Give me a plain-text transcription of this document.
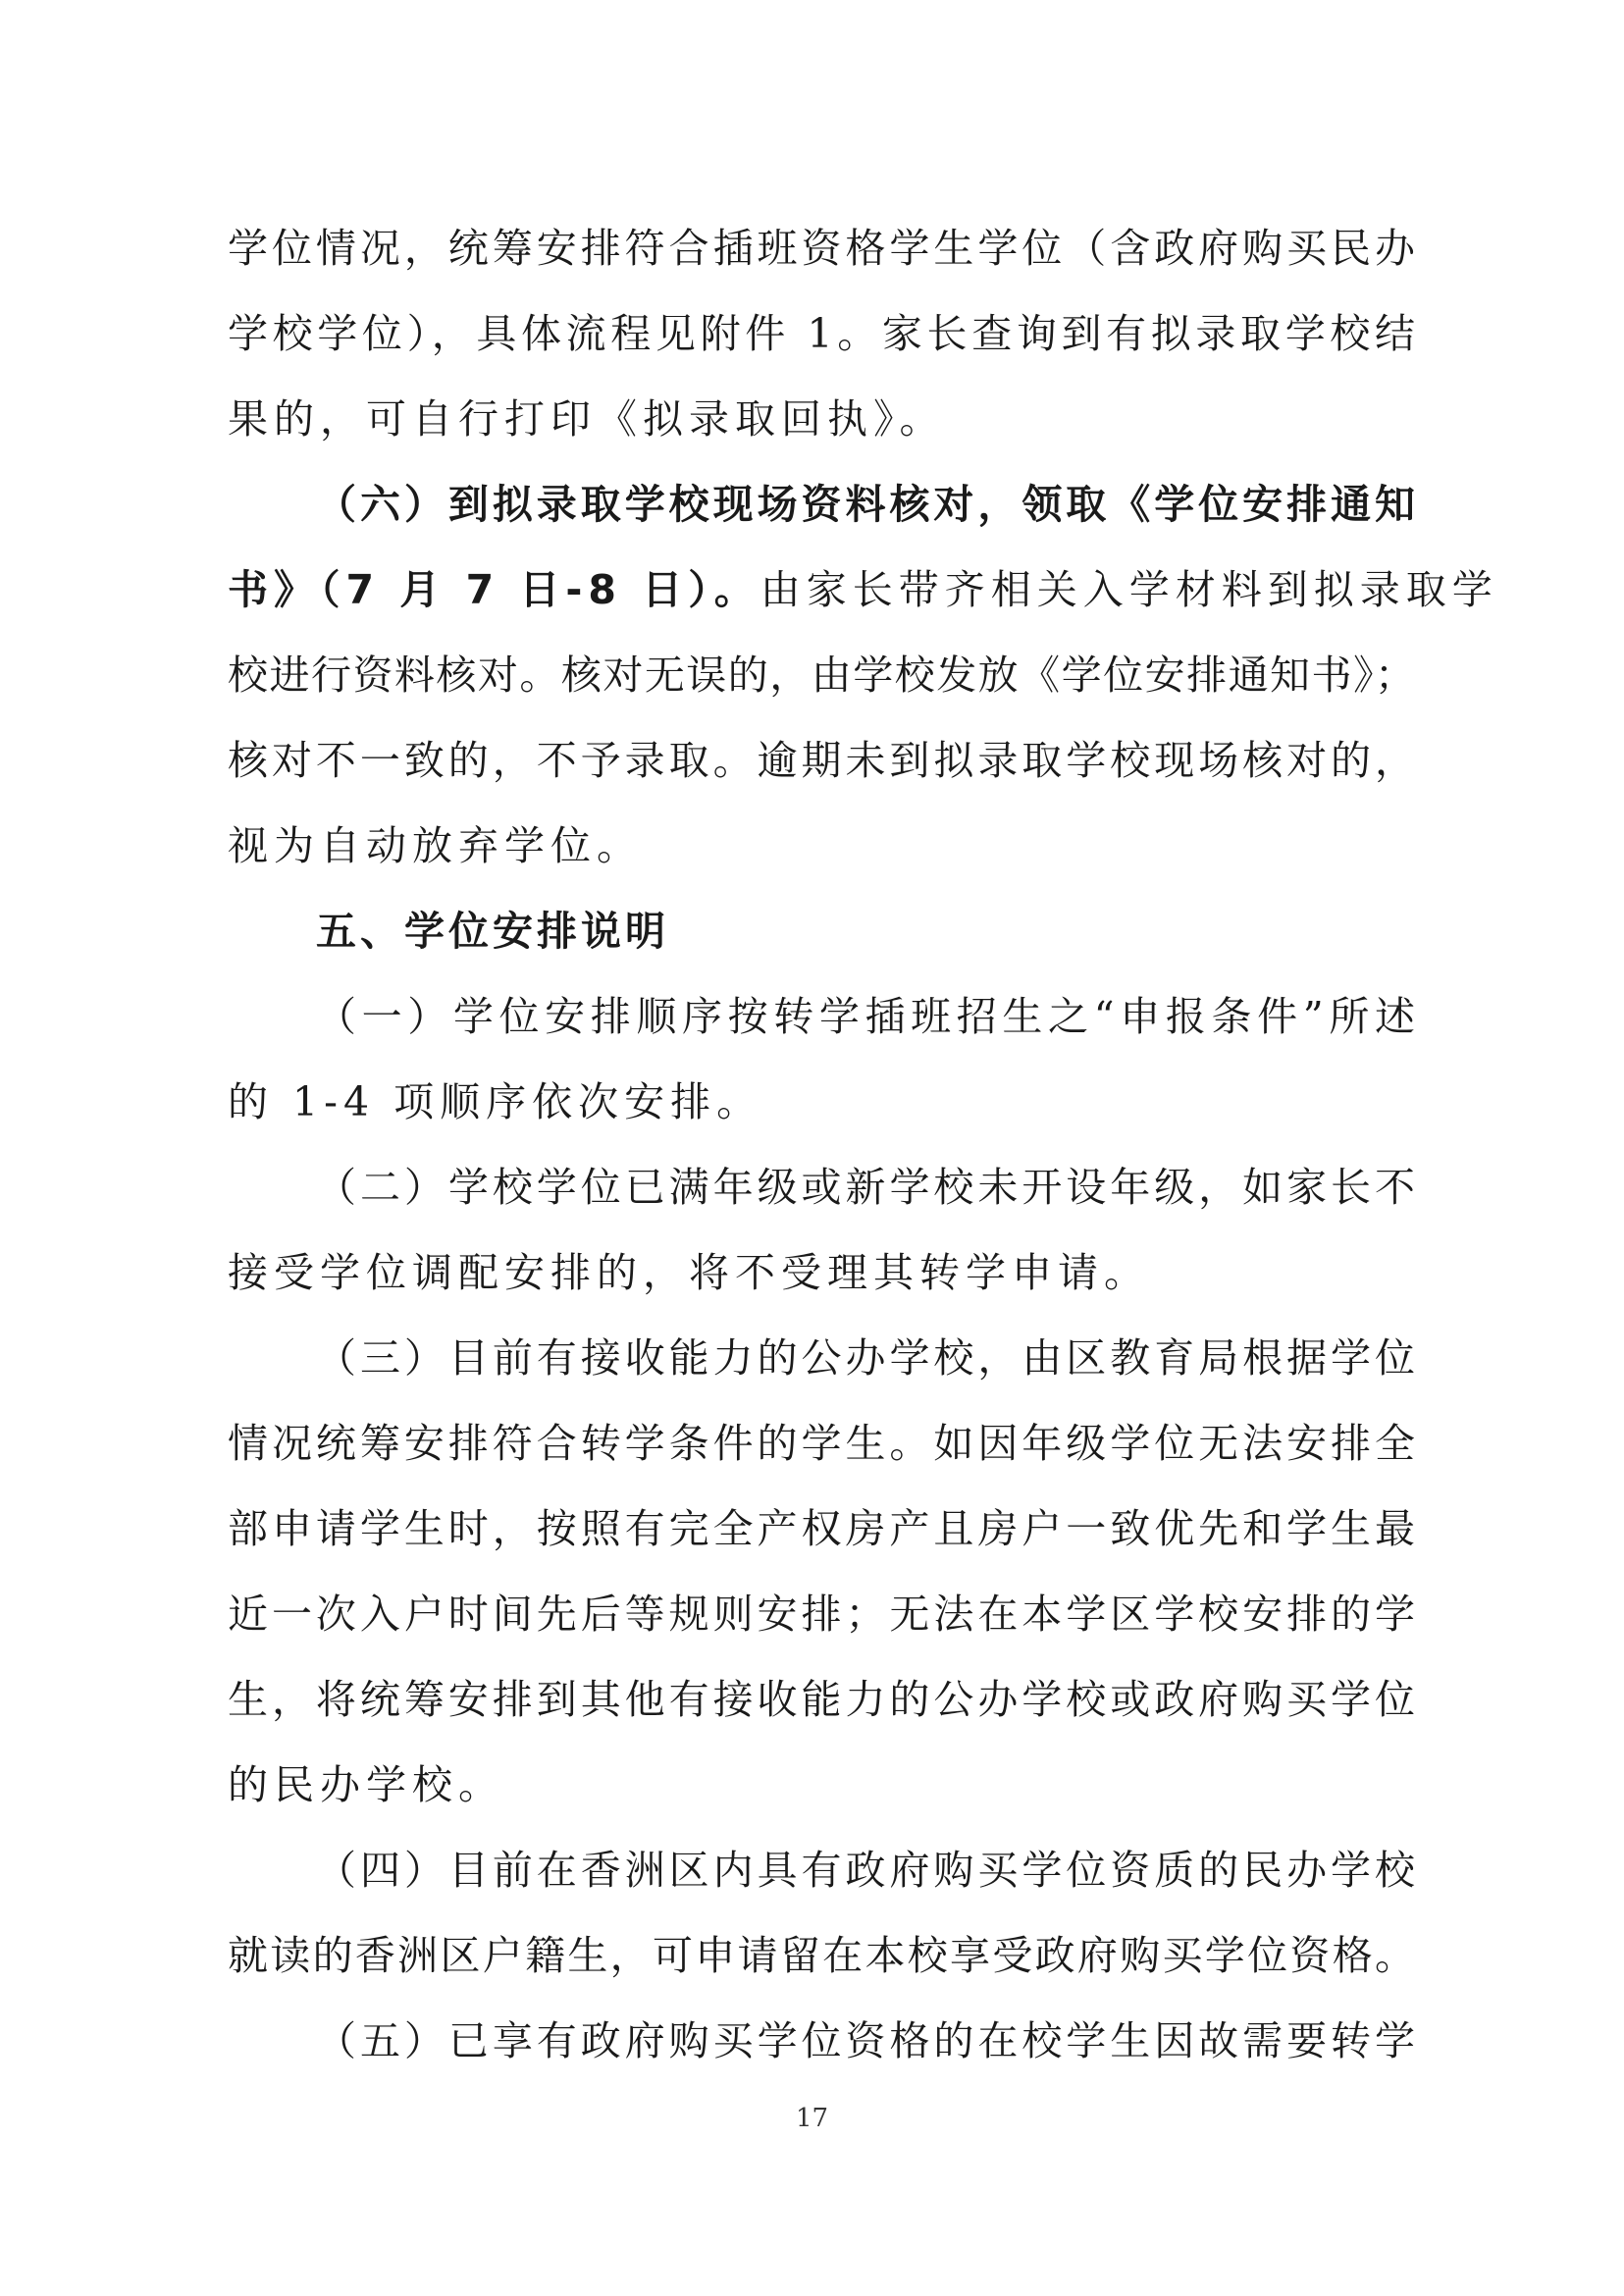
学位情况，统筹安排符合插班资格学生学位（含政府购买民办
学校学位），具体流程见附件 1。家长查询到有拟录取学校结
果的，可自行打印《拟录取回执》。
（六）到拟录取学校现场资料核对，领取《学位安排通知
书》（7 月 7 日-8 日）。由家长带齐相关入学材料到拟录取学
校进行资料核对。核对无误的，由学校发放《学位安排通知书》；
核对不一致的，不予录取。逾期未到拟录取学校现场核对的，
视为自动放弃学位。
五、学位安排说明
（一）学位安排顺序按转学插班招生之“申报条件”所述
的 1-4 项顺序依次安排。
（二）学校学位已满年级或新学校未开设年级，如家长不
接受学位调配安排的，将不受理其转学申请。
（三）目前有接收能力的公办学校，由区教育局根据学位
情况统筹安排符合转学条件的学生。如因年级学位无法安排全
部申请学生时，按照有完全产权房产且房户一致优先和学生最
近一次入户时间先后等规则安排；无法在本学区学校安排的学
生，将统筹安排到其他有接收能力的公办学校或政府购买学位
的民办学校。
（四）目前在香洲区内具有政府购买学位资质的民办学校
就读的香洲区户籍生，可申请留在本校享受政府购买学位资格。
（五）已享有政府购买学位资格的在校学生因故需要转学
17
